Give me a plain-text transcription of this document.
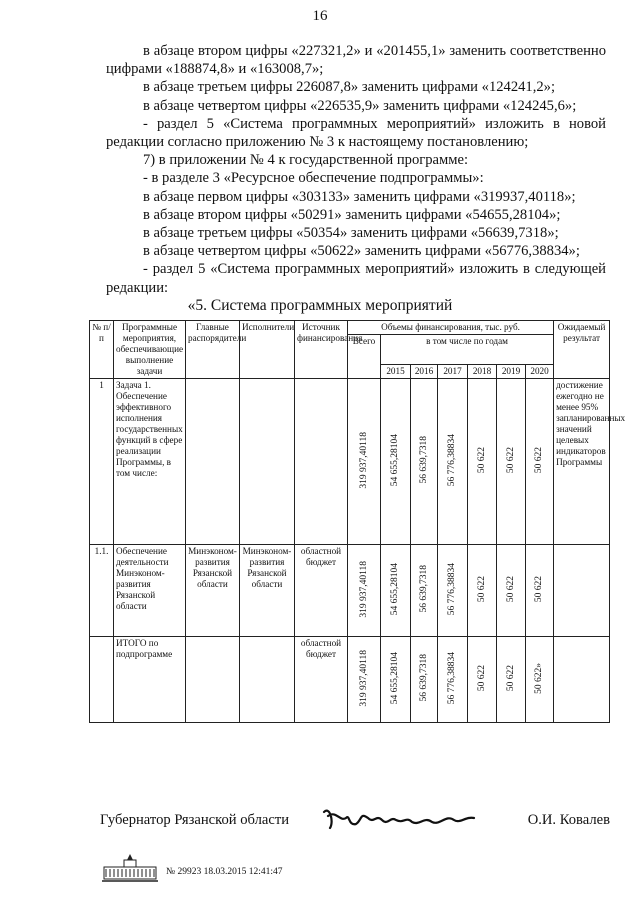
16

в абзаце втором цифры «227321,2» и «201455,1» заменить соответственно цифрами «188874,8» и «163008,7»;

в абзаце третьем цифры 226087,8» заменить цифрами «124241,2»;

в абзаце четвертом цифры «226535,9» заменить цифрами «124245,6»;

- раздел 5 «Система программных мероприятий» изложить в новой редакции согласно приложению № 3 к настоящему постановлению;

7) в приложении № 4 к государственной программе:

- в разделе 3 «Ресурсное обеспечение подпрограммы»:

в абзаце первом цифры «303133» заменить цифрами «319937,40118»;

в абзаце втором цифры «50291» заменить цифрами «54655,28104»;

в абзаце третьем цифры «50354» заменить цифрами «56639,7318»;

в абзаце четвертом цифры «50622» заменить цифрами «56776,38834»;

- раздел 5 «Система программных мероприятий» изложить в следующей редакции:

«5. Система программных мероприятий
№ п/п	Программные мероприятия, обеспечивающие выполнение задачи	Главные распорядители	Исполнители	Источник финансирования	Объемы финансирования, тыс. руб.							Ожидаемый результат
					Всего	в том числе по годам						
						2015	2016	2017	2018	2019	2020	
1	Задача 1. Обеспечение эффективного исполнения государственных функций в сфере реализации Программы, в том числе:				319 937,40118	54 655,28104	56 639,7318	56 776,38834	50 622	50 622	50 622	достижение ежегодно не менее 95% запланированных значений целевых индикаторов Программы
1.1.	Обеспечение деятельности Минэконом-развития Рязанской области	Минэконом-развития Рязанской области	Минэконом-развития Рязанской области	областной бюджет	319 937,40118	54 655,28104	56 639,7318	56 776,38834	50 622	50 622	50 622	
	ИТОГО по подпрограмме			областной бюджет	319 937,40118	54 655,28104	56 639,7318	56 776,38834	50 622	50 622	50 622»	
Губернатор Рязанской области	О.И. Ковалев
№ 29923 18.03.2015 12:41:47
